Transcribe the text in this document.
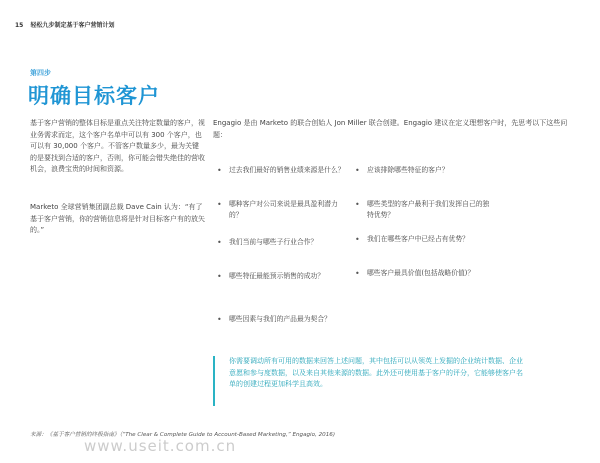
15 轻松九步制定基于客户营销计划
第四步
明确目标客户

基于客户营销的整体目标是重点关注特定数量的客户，视业务需求而定，这个客户名单中可以有 300 个客户，也可以有 30,000 个客户。不管客户数量多少，最为关键的是要找到合适的客户，否则，你可能会错失绝佳的营收机会，浪费宝贵的时间和资源。

Marketo 全球营销集团副总裁 Dave Cain 认为：“有了基于客户营销，你的营销信息将是针对目标客户有的放矢的。”

Engagio 是由 Marketo 的联合创始人 Jon Miller 联合创建。Engagio 建议在定义理想客户时，先思考以下这些问题：

• 过去我们最好的销售业绩来源是什么？
• 哪种客户对公司来说是最具盈利潜力的？
• 我们当前与哪些子行业合作？
• 哪些特征最能预示销售的成功？
• 哪些因素与我们的产品最为契合？
• 应该排除哪些特征的客户？
• 哪些类型的客户最利于我们发挥自己的独特优势？
• 我们在哪些客户中已经占有优势？
• 哪些客户最具价值(包括战略价值)？
你需要调动所有可用的数据来回答上述问题，其中包括可以从领英上发掘的企业统计数据、企业意愿和参与度数据，以及来自其他来源的数据。此外还可使用基于客户的评分，它能够使客户名单的创建过程更加科学且高效。
来源：《基于客户营销的终极指南》（“The Clear & Complete Guide to Account-Based Marketing,” Engagio, 2016)
www.useit.com.cn
